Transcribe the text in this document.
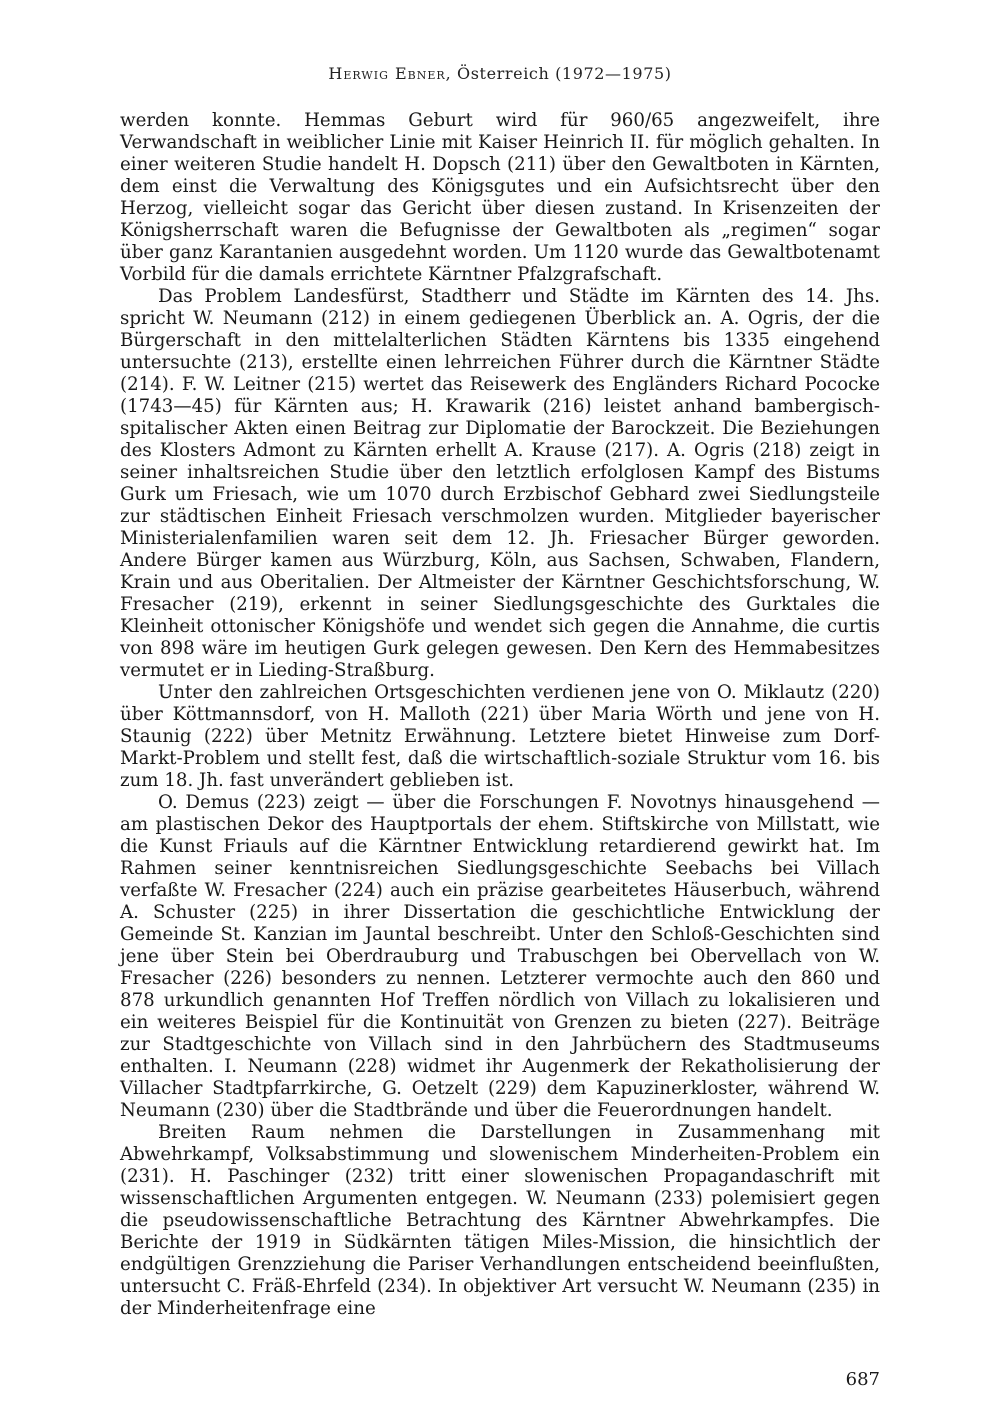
Herwig Ebner, Österreich (1972—1975)

werden konnte. Hemmas Geburt wird für 960/65 angezweifelt, ihre Verwandschaft in weiblicher Linie mit Kaiser Heinrich II. für möglich gehalten. In einer weiteren Studie handelt H. Dopsch (211) über den Gewaltboten in Kärnten, dem einst die Verwaltung des Königsgutes und ein Aufsichtsrecht über den Herzog, vielleicht sogar das Gericht über diesen zustand. In Krisenzeiten der Königsherrschaft waren die Befugnisse der Gewaltboten als „regimen“ sogar über ganz Karantanien ausgedehnt worden. Um 1120 wurde das Gewaltbotenamt Vorbild für die damals errichtete Kärntner Pfalzgrafschaft.

Das Problem Landesfürst, Stadtherr und Städte im Kärnten des 14. Jhs. spricht W. Neumann (212) in einem gediegenen Überblick an. A. Ogris, der die Bürgerschaft in den mittelalterlichen Städten Kärntens bis 1335 eingehend untersuchte (213), erstellte einen lehrreichen Führer durch die Kärntner Städte (214). F. W. Leitner (215) wertet das Reisewerk des Engländers Richard Pococke (1743—45) für Kärnten aus; H. Krawarik (216) leistet anhand bambergisch-spitalischer Akten einen Beitrag zur Diplomatie der Barockzeit. Die Beziehungen des Klosters Admont zu Kärnten erhellt A. Krause (217). A. Ogris (218) zeigt in seiner inhaltsreichen Studie über den letztlich erfolglosen Kampf des Bistums Gurk um Friesach, wie um 1070 durch Erzbischof Gebhard zwei Siedlungsteile zur städtischen Einheit Friesach verschmolzen wurden. Mitglieder bayerischer Ministerialenfamilien waren seit dem 12. Jh. Friesacher Bürger geworden. Andere Bürger kamen aus Würzburg, Köln, aus Sachsen, Schwaben, Flandern, Krain und aus Oberitalien. Der Altmeister der Kärntner Geschichtsforschung, W. Fresacher (219), erkennt in seiner Siedlungsgeschichte des Gurktales die Kleinheit ottonischer Königshöfe und wendet sich gegen die Annahme, die curtis von 898 wäre im heutigen Gurk gelegen gewesen. Den Kern des Hemmabesitzes vermutet er in Lieding-Straßburg.

Unter den zahlreichen Ortsgeschichten verdienen jene von O. Miklautz (220) über Köttmannsdorf, von H. Malloth (221) über Maria Wörth und jene von H. Staunig (222) über Metnitz Erwähnung. Letztere bietet Hinweise zum Dorf-Markt-Problem und stellt fest, daß die wirtschaftlich-soziale Struktur vom 16. bis zum 18. Jh. fast unverändert geblieben ist.

O. Demus (223) zeigt — über die Forschungen F. Novotnys hinausgehend — am plastischen Dekor des Hauptportals der ehem. Stiftskirche von Millstatt, wie die Kunst Friauls auf die Kärntner Entwicklung retardierend gewirkt hat. Im Rahmen seiner kenntnisreichen Siedlungsgeschichte Seebachs bei Villach verfaßte W. Fresacher (224) auch ein präzise gearbeitetes Häuserbuch, während A. Schuster (225) in ihrer Dissertation die geschichtliche Entwicklung der Gemeinde St. Kanzian im Jauntal beschreibt. Unter den Schloß-Geschichten sind jene über Stein bei Oberdrauburg und Trabuschgen bei Obervellach von W. Fresacher (226) besonders zu nennen. Letzterer vermochte auch den 860 und 878 urkundlich genannten Hof Treffen nördlich von Villach zu lokalisieren und ein weiteres Beispiel für die Kontinuität von Grenzen zu bieten (227). Beiträge zur Stadtgeschichte von Villach sind in den Jahrbüchern des Stadtmuseums enthalten. I. Neumann (228) widmet ihr Augenmerk der Rekatholisierung der Villacher Stadtpfarrkirche, G. Oetzelt (229) dem Kapuzinerkloster, während W. Neumann (230) über die Stadtbrände und über die Feuerordnungen handelt.

Breiten Raum nehmen die Darstellungen in Zusammenhang mit Abwehrkampf, Volksabstimmung und slowenischem Minderheiten-Problem ein (231). H. Paschinger (232) tritt einer slowenischen Propagandaschrift mit wissenschaftlichen Argumenten entgegen. W. Neumann (233) polemisiert gegen die pseudowissenschaftliche Betrachtung des Kärntner Abwehrkampfes. Die Berichte der 1919 in Südkärnten tätigen Miles-Mission, die hinsichtlich der endgültigen Grenzziehung die Pariser Verhandlungen entscheidend beeinflußten, untersucht C. Fräß-Ehrfeld (234). In objektiver Art versucht W. Neumann (235) in der Minderheitenfrage eine

687
